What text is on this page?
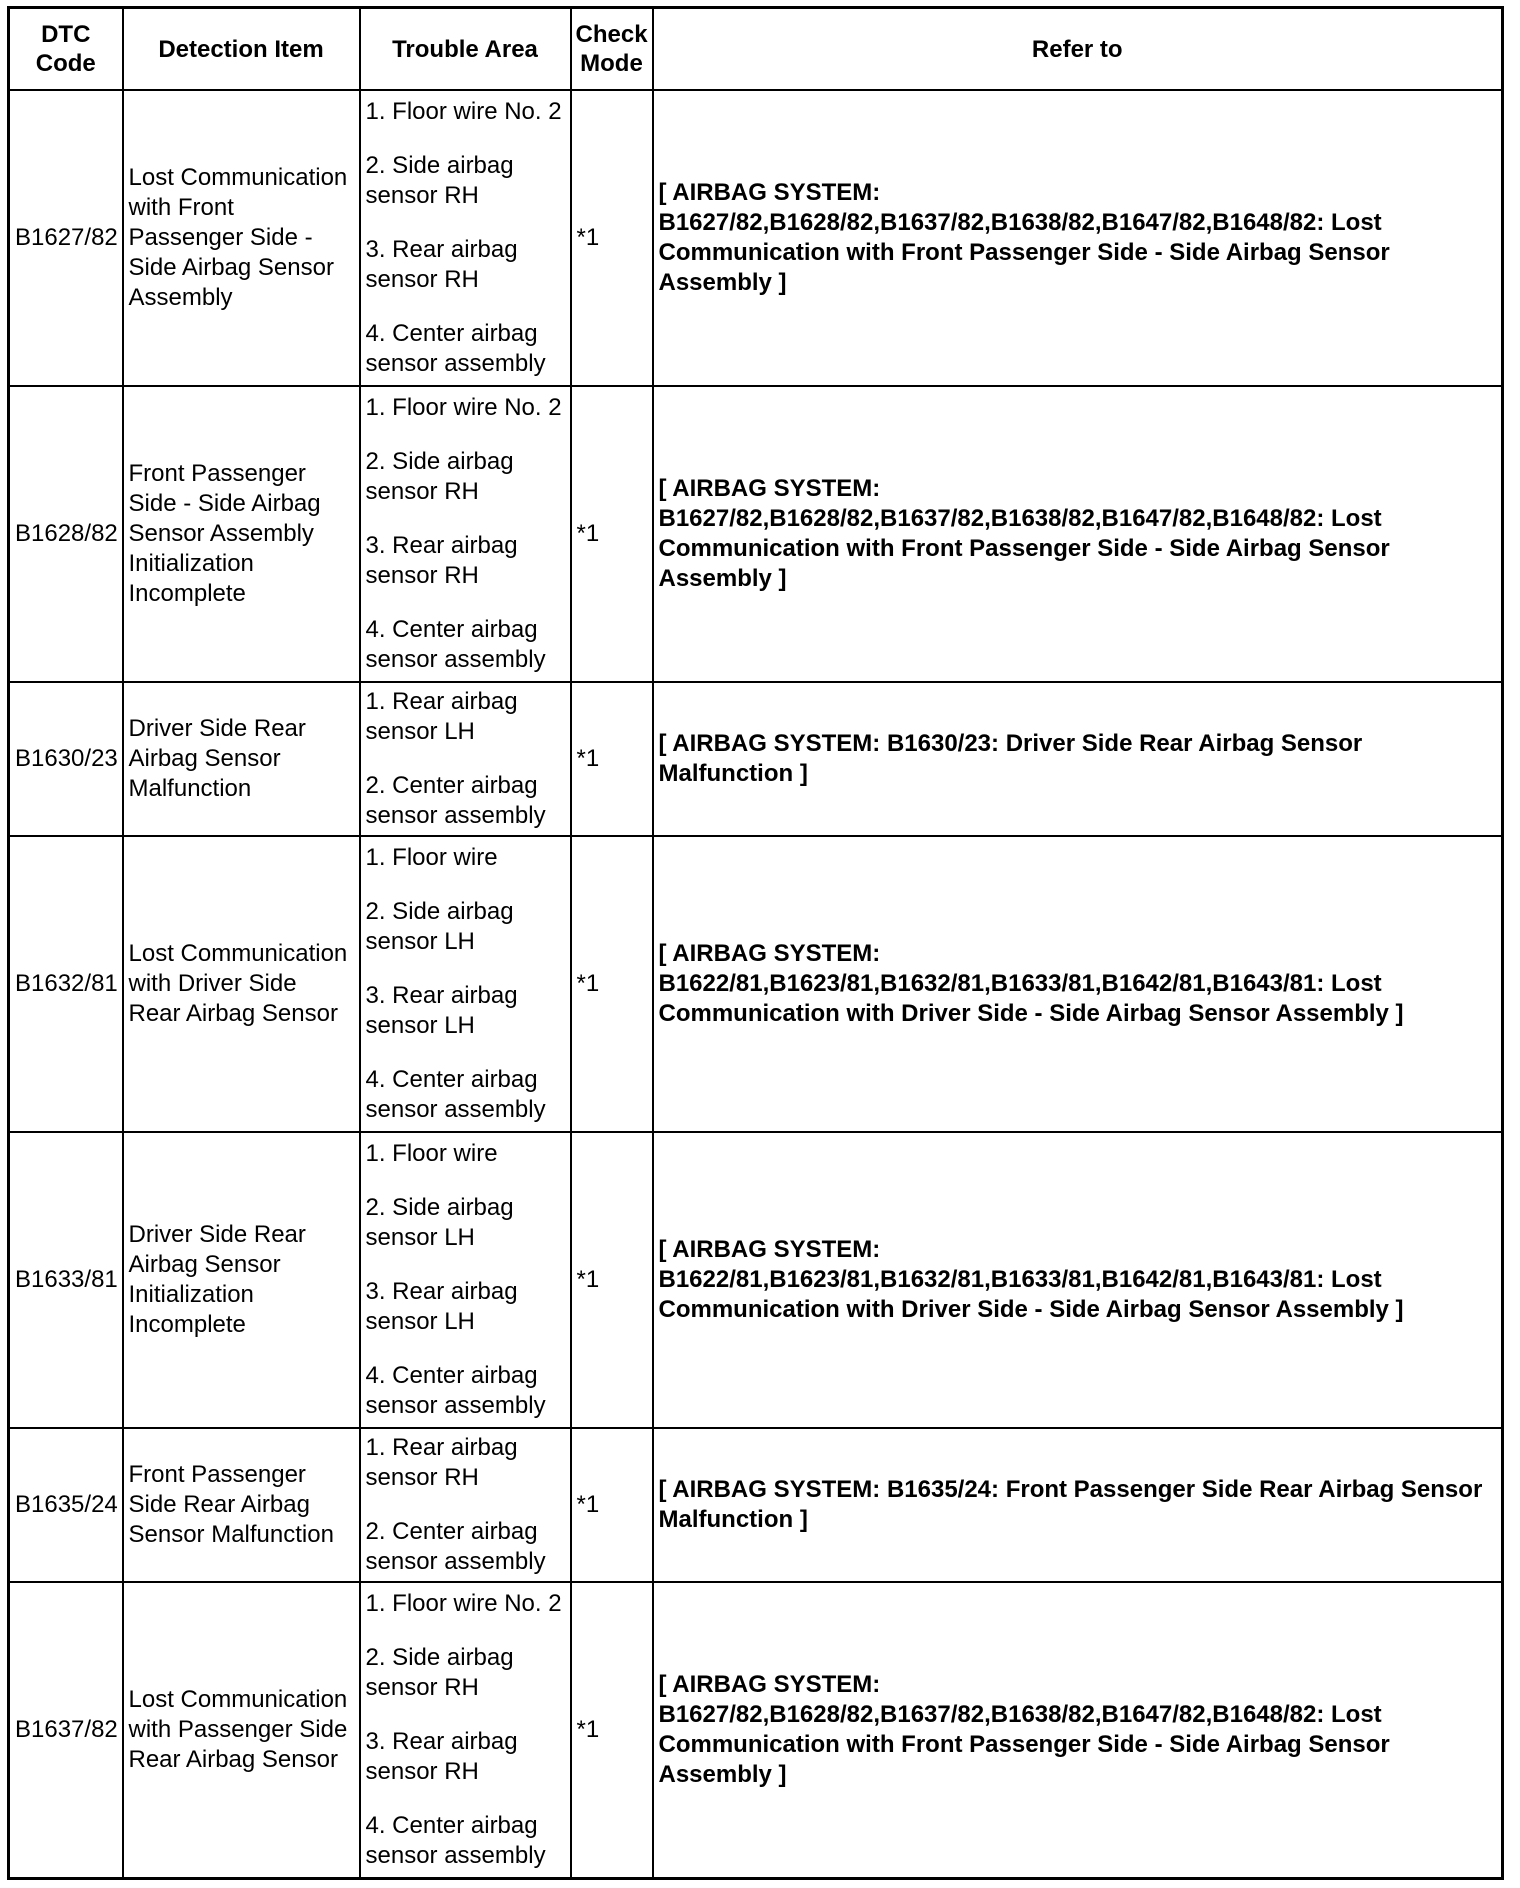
DTC Code	Detection Item	Trouble Area	Check Mode	Refer to
B1627/82	Lost Communication with Front Passenger Side - Side Airbag Sensor Assembly	1. Floor wire No. 2
2. Side airbag sensor RH
3. Rear airbag sensor RH
4. Center airbag sensor assembly	*1	[ AIRBAG SYSTEM: B1627/82,B1628/82,B1637/82,B1638/82,B1647/82,B1648/82: Lost Communication with Front Passenger Side - Side Airbag Sensor Assembly ]
B1628/82	Front Passenger Side - Side Airbag Sensor Assembly Initialization Incomplete	1. Floor wire No. 2
2. Side airbag sensor RH
3. Rear airbag sensor RH
4. Center airbag sensor assembly	*1	[ AIRBAG SYSTEM: B1627/82,B1628/82,B1637/82,B1638/82,B1647/82,B1648/82: Lost Communication with Front Passenger Side - Side Airbag Sensor Assembly ]
B1630/23	Driver Side Rear Airbag Sensor Malfunction	1. Rear airbag sensor LH
2. Center airbag sensor assembly	*1	[ AIRBAG SYSTEM: B1630/23: Driver Side Rear Airbag Sensor Malfunction ]
B1632/81	Lost Communication with Driver Side Rear Airbag Sensor	1. Floor wire
2. Side airbag sensor LH
3. Rear airbag sensor LH
4. Center airbag sensor assembly	*1	[ AIRBAG SYSTEM: B1622/81,B1623/81,B1632/81,B1633/81,B1642/81,B1643/81: Lost Communication with Driver Side - Side Airbag Sensor Assembly ]
B1633/81	Driver Side Rear Airbag Sensor Initialization Incomplete	1. Floor wire
2. Side airbag sensor LH
3. Rear airbag sensor LH
4. Center airbag sensor assembly	*1	[ AIRBAG SYSTEM: B1622/81,B1623/81,B1632/81,B1633/81,B1642/81,B1643/81: Lost Communication with Driver Side - Side Airbag Sensor Assembly ]
B1635/24	Front Passenger Side Rear Airbag Sensor Malfunction	1. Rear airbag sensor RH
2. Center airbag sensor assembly	*1	[ AIRBAG SYSTEM: B1635/24: Front Passenger Side Rear Airbag Sensor Malfunction ]
B1637/82	Lost Communication with Passenger Side Rear Airbag Sensor	1. Floor wire No. 2
2. Side airbag sensor RH
3. Rear airbag sensor RH
4. Center airbag sensor assembly	*1	[ AIRBAG SYSTEM: B1627/82,B1628/82,B1637/82,B1638/82,B1647/82,B1648/82: Lost Communication with Front Passenger Side - Side Airbag Sensor Assembly ]
